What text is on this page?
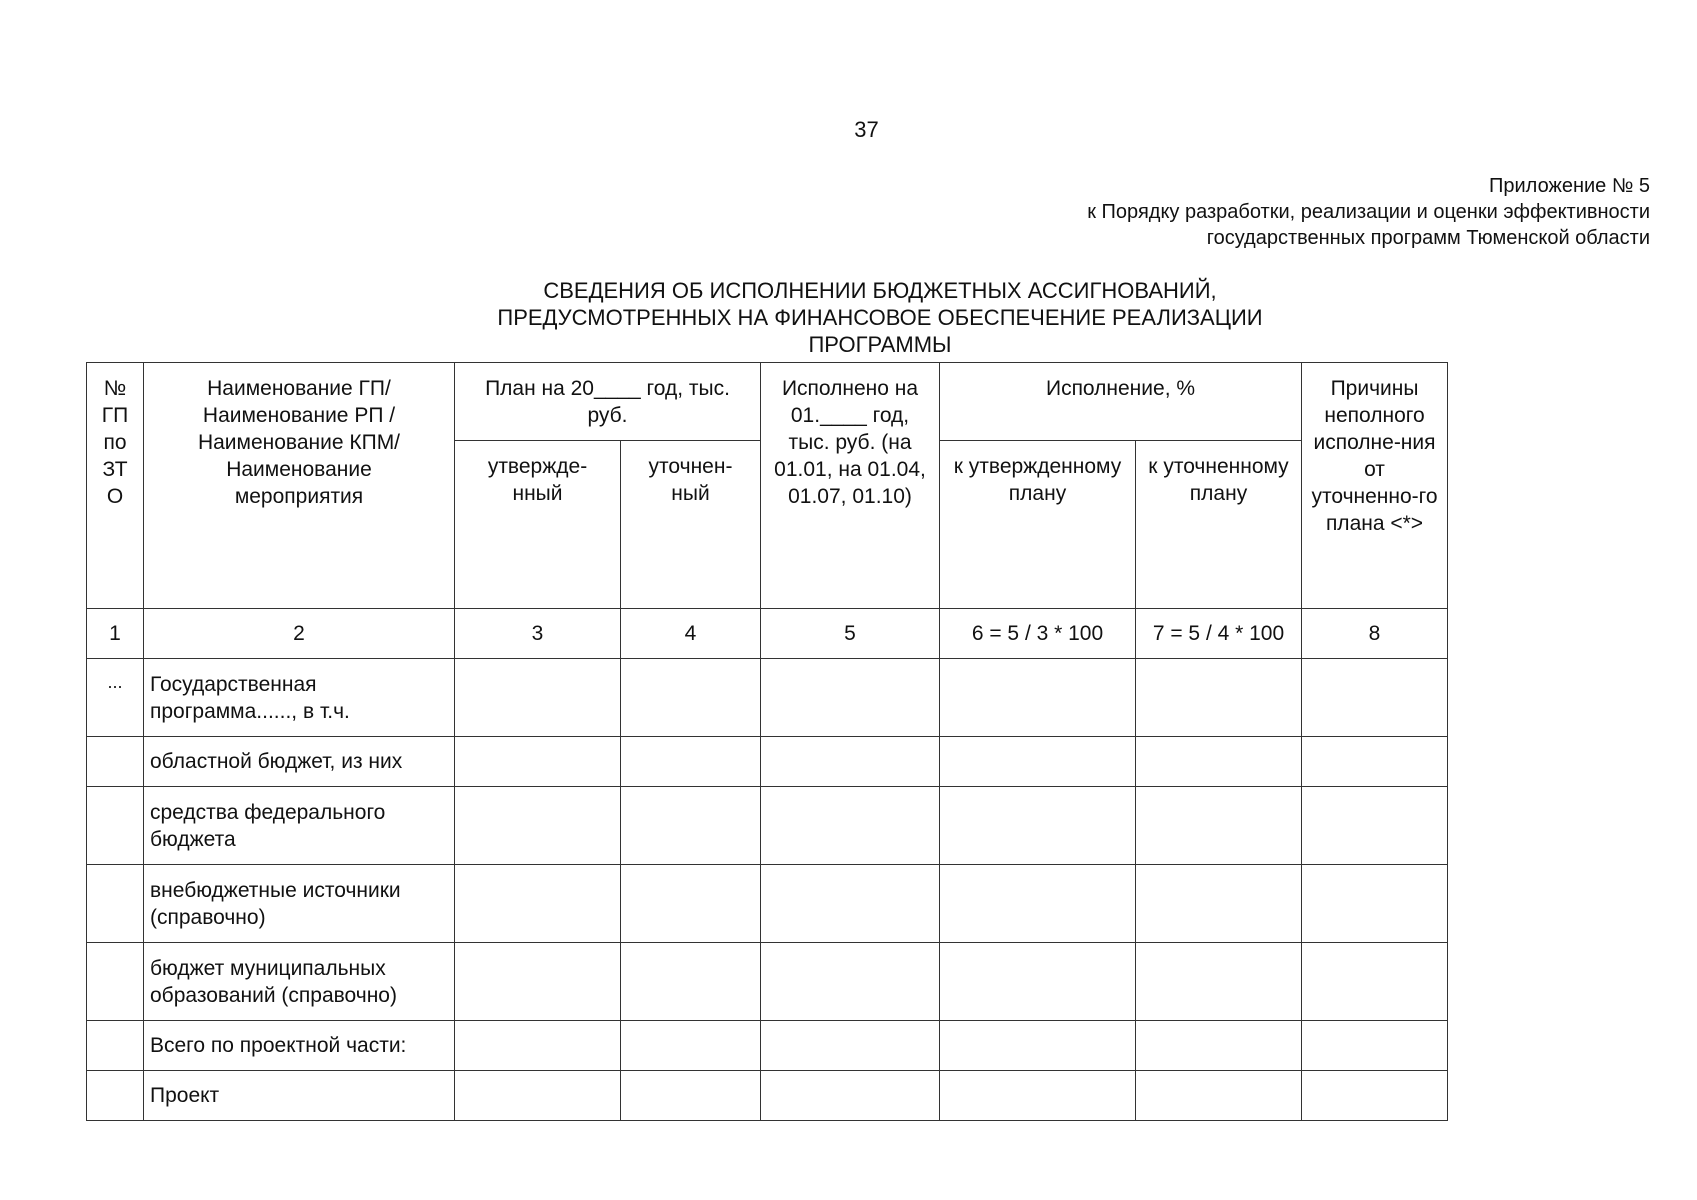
37
Приложение № 5
к Порядку разработки, реализации и оценки эффективности
государственных программ Тюменской области
СВЕДЕНИЯ ОБ ИСПОЛНЕНИИ БЮДЖЕТНЫХ АССИГНОВАНИЙ,
ПРЕДУСМОТРЕННЫХ НА ФИНАНСОВОЕ ОБЕСПЕЧЕНИЕ РЕАЛИЗАЦИИ
ПРОГРАММЫ
№ ГП по ЗТО	Наименование ГП/ Наименование РП / Наименование КПМ/ Наименование мероприятия	План на 20____ год, тыс. руб.		Исполнено на 01.____ год, тыс. руб. (на 01.01, на 01.04, 01.07, 01.10)	Исполнение, %		Причины неполного исполне-ния от уточненно-го плана <*>
		утвержде-нный	уточнен-ный		к утвержденному плану	к уточненному плану	
1	2	3	4	5	6 = 5 / 3 * 100	7 = 5 / 4 * 100	8
...	Государственная программа......, в т.ч.						
	областной бюджет, из них						
	средства федерального бюджета						
	внебюджетные источники (справочно)						
	бюджет муниципальных образований (справочно)						
	Всего по проектной части:						
	Проект						
